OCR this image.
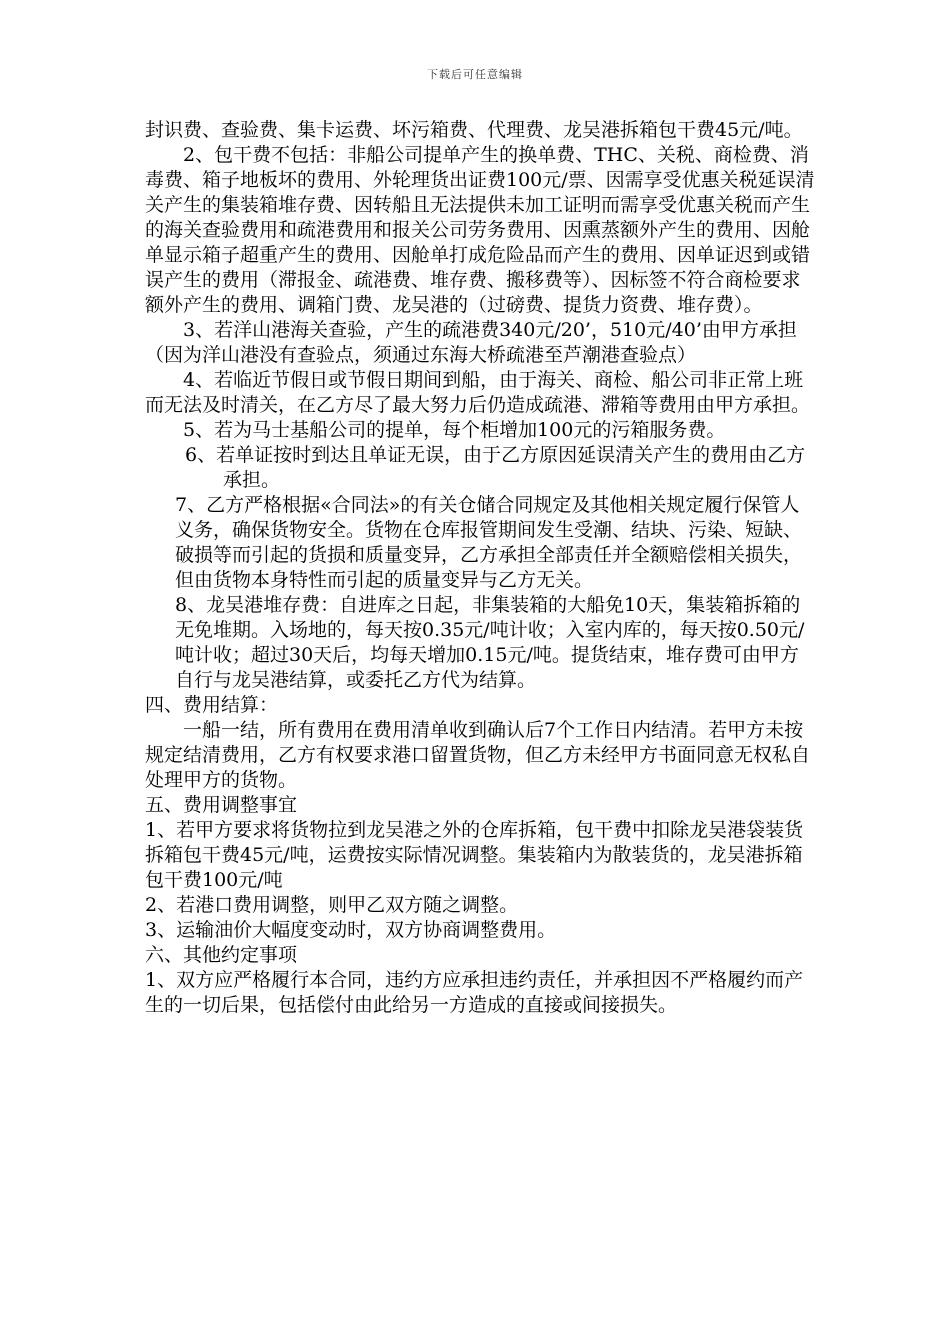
下载后可任意编辑

封识费、查验费、集卡运费、坏污箱费、代理费、龙吴港拆箱包干费45元/吨。

2、包干费不包括：非船公司提单产生的换单费、THC、关税、商检费、消毒费、箱子地板坏的费用、外轮理货出证费100元/票、因需享受优惠关税延误清关产生的集装箱堆存费、因转船且无法提供未加工证明而需享受优惠关税而产生的海关查验费用和疏港费用和报关公司劳务费用、因熏蒸额外产生的费用、因舱单显示箱子超重产生的费用、因舱单打成危险品而产生的费用、因单证迟到或错误产生的费用（滞报金、疏港费、堆存费、搬移费等）、因标签不符合商检要求额外产生的费用、调箱门费、龙吴港的（过磅费、提货力资费、堆存费）。

3、若洋山港海关查验，产生的疏港费340元/20’，510元/40’由甲方承担（因为洋山港没有查验点，须通过东海大桥疏港至芦潮港查验点）

4、若临近节假日或节假日期间到船，由于海关、商检、船公司非正常上班而无法及时清关，在乙方尽了最大努力后仍造成疏港、滞箱等费用由甲方承担。

5、若为马士基船公司的提单，每个柜增加100元的污箱服务费。

6、若单证按时到达且单证无误，由于乙方原因延误清关产生的费用由乙方承担。

7、乙方严格根据«合同法»的有关仓储合同规定及其他相关规定履行保管人义务，确保货物安全。货物在仓库报管期间发生受潮、结块、污染、短缺、破损等而引起的货损和质量变异，乙方承担全部责任并全额赔偿相关损失，但由货物本身特性而引起的质量变异与乙方无关。

8、龙吴港堆存费：自进库之日起，非集装箱的大船免10天，集装箱拆箱的无免堆期。入场地的，每天按0.35元/吨计收；入室内库的，每天按0.50元/吨计收；超过30天后，均每天增加0.15元/吨。提货结束，堆存费可由甲方自行与龙吴港结算，或委托乙方代为结算。

四、费用结算：

一船一结，所有费用在费用清单收到确认后7个工作日内结清。若甲方未按规定结清费用，乙方有权要求港口留置货物，但乙方未经甲方书面同意无权私自处理甲方的货物。

五、费用调整事宜

1、若甲方要求将货物拉到龙吴港之外的仓库拆箱，包干费中扣除龙吴港袋装货拆箱包干费45元/吨，运费按实际情况调整。集装箱内为散装货的，龙吴港拆箱包干费100元/吨

2、若港口费用调整，则甲乙双方随之调整。

3、运输油价大幅度变动时，双方协商调整费用。

六、其他约定事项

1、双方应严格履行本合同，违约方应承担违约责任，并承担因不严格履约而产生的一切后果，包括偿付由此给另一方造成的直接或间接损失。
